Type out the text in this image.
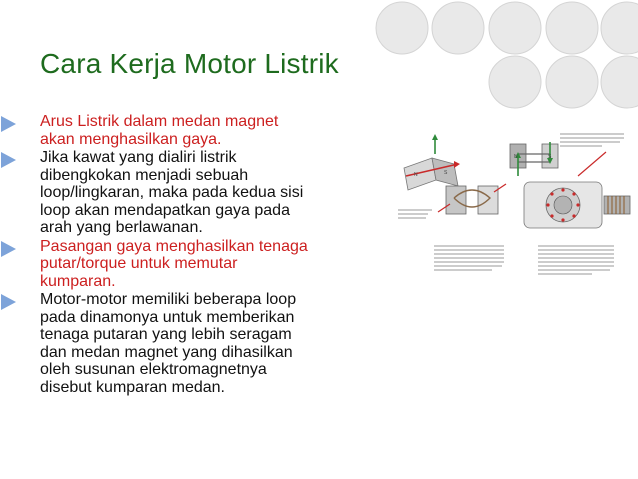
Cara Kerja Motor Listrik
Arus Listrik dalam medan magnet
akan menghasilkan gaya.
Jika kawat yang dialiri listrik
dibengkokan menjadi sebuah
loop/lingkaran, maka pada kedua sisi
loop akan mendapatkan gaya pada
arah yang berlawanan.
Pasangan gaya menghasilkan tenaga
putar/torque untuk memutar
kumparan.
Motor-motor memiliki beberapa loop
pada dinamonya untuk memberikan
tenaga putaran yang lebih seragam
dan medan magnet yang dihasilkan
oleh susunan elektromagnetnya
disebut kumparan medan.
N	S
N	S
